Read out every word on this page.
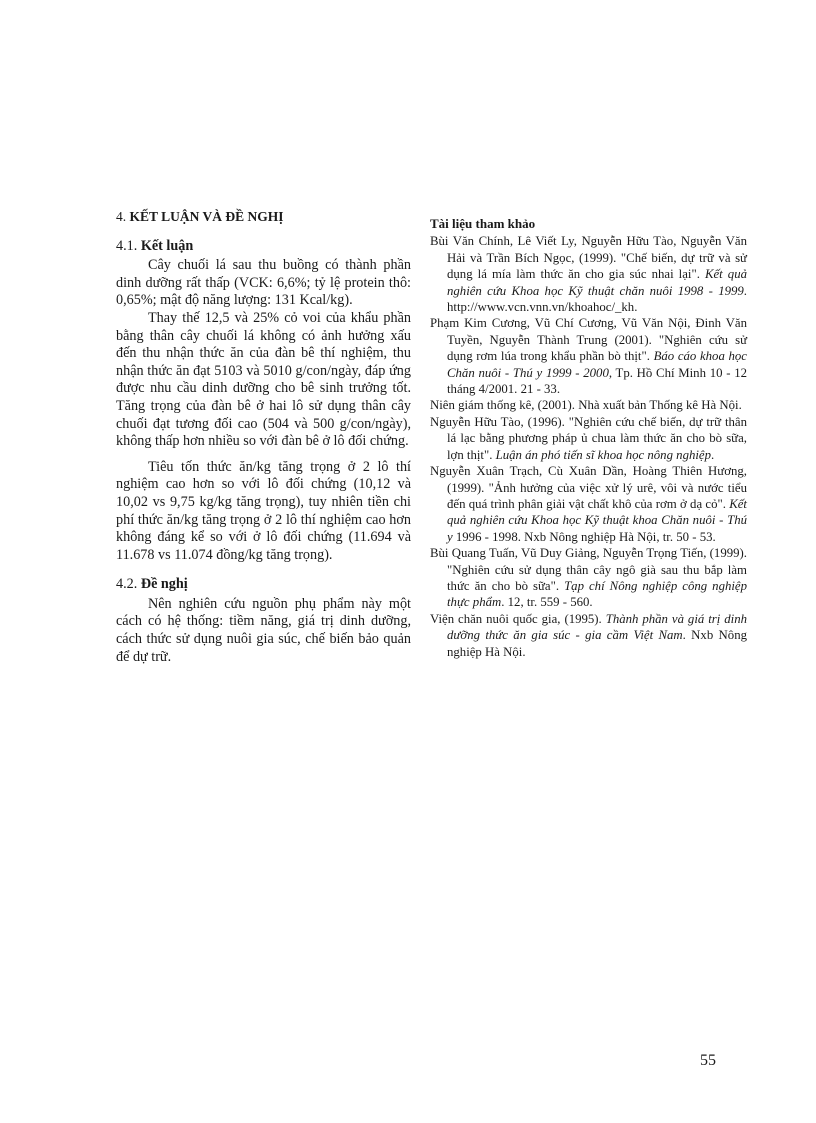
4. KẾT LUẬN VÀ ĐỀ NGHỊ
4.1. Kết luận

Cây chuối lá sau thu buồng có thành phần dinh dưỡng rất thấp (VCK: 6,6%; tỷ lệ protein thô: 0,65%; mật độ năng lượng: 131 Kcal/kg).

Thay thế 12,5 và 25% cỏ voi của khẩu phần bằng thân cây chuối lá không có ảnh hưởng xấu đến thu nhận thức ăn của đàn bê thí nghiệm, thu nhận thức ăn đạt 5103 và 5010 g/con/ngày, đáp ứng được nhu cầu dinh dưỡng cho bê sinh trưởng tốt. Tăng trọng của đàn bê ở hai lô sử dụng thân cây chuối đạt tương đối cao (504 và 500 g/con/ngày), không thấp hơn nhiều so với đàn bê ở lô đối chứng.

Tiêu tốn thức ăn/kg tăng trọng ở 2 lô thí nghiệm cao hơn so với lô đối chứng (10,12 và 10,02 vs 9,75 kg/kg tăng trọng), tuy nhiên tiền chi phí thức ăn/kg tăng trọng ở 2 lô thí nghiệm cao hơn không đáng kể so với ở lô đối chứng (11.694 và 11.678 vs 11.074 đồng/kg tăng trọng).

4.2. Đề nghị

Nên nghiên cứu nguồn phụ phẩm này một cách có hệ thống: tiềm năng, giá trị dinh dưỡng, cách thức sử dụng nuôi gia súc, chế biến bảo quản để dự trữ.

Tài liệu tham khảo

Bùi Văn Chính, Lê Viết Ly, Nguyễn Hữu Tào, Nguyễn Văn Hải và Trần Bích Ngọc, (1999). "Chế biến, dự trữ và sử dụng lá mía làm thức ăn cho gia súc nhai lại". Kết quả nghiên cứu Khoa học Kỹ thuật chăn nuôi 1998 - 1999. http://www.vcn.vnn.vn/khoahoc/_kh.

Phạm Kim Cương, Vũ Chí Cương, Vũ Văn Nội, Đinh Văn Tuyền, Nguyễn Thành Trung (2001). "Nghiên cứu sử dụng rơm lúa trong khẩu phần bò thịt". Báo cáo khoa học Chăn nuôi - Thú y 1999 - 2000, Tp. Hồ Chí Minh 10 - 12 tháng 4/2001. 21 - 33.

Niên giám thống kê, (2001). Nhà xuất bản Thống kê Hà Nội.

Nguyễn Hữu Tào, (1996). "Nghiên cứu chế biến, dự trữ thân lá lạc bằng phương pháp ủ chua làm thức ăn cho bò sữa, lợn thịt". Luận án phó tiến sĩ khoa học nông nghiệp.

Nguyễn Xuân Trạch, Cù Xuân Dần, Hoàng Thiên Hương, (1999). "Ảnh hưởng của việc xử lý urê, vôi và nước tiểu đến quá trình phân giải vật chất khô của rơm ở dạ cỏ". Kết quả nghiên cứu Khoa học Kỹ thuật khoa Chăn nuôi - Thú y 1996 - 1998. Nxb Nông nghiệp Hà Nội, tr. 50 - 53.

Bùi Quang Tuấn, Vũ Duy Giảng, Nguyễn Trọng Tiến, (1999). "Nghiên cứu sử dụng thân cây ngô già sau thu bắp làm thức ăn cho bò sữa". Tạp chí Nông nghiệp công nghiệp thực phẩm. 12, tr. 559 - 560.

Viện chăn nuôi quốc gia, (1995). Thành phần và giá trị dinh dưỡng thức ăn gia súc - gia cầm Việt Nam. Nxb Nông nghiệp Hà Nội.

55
